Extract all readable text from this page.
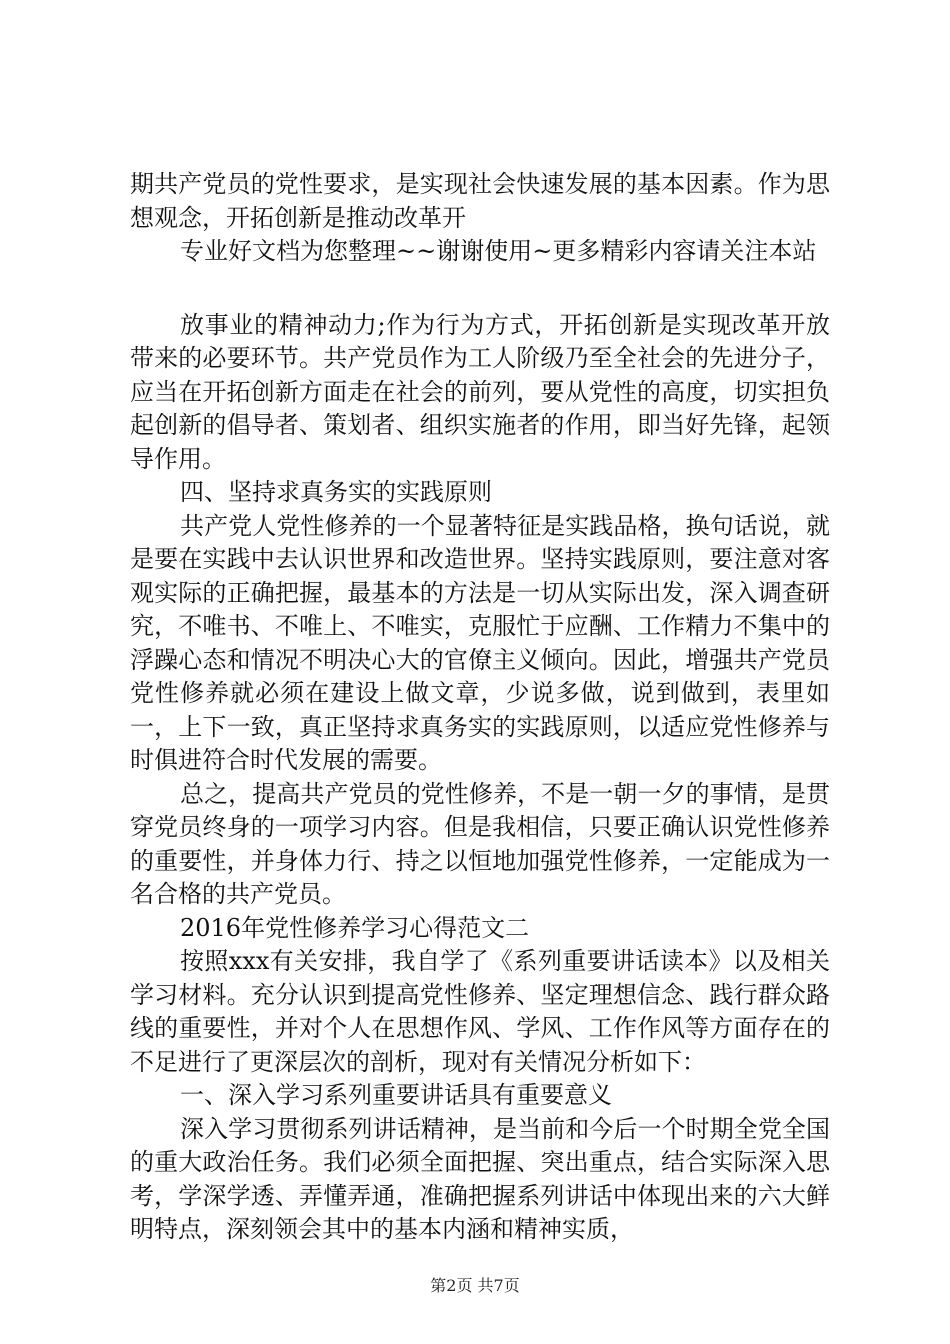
期共产党员的党性要求，是实现社会快速发展的基本因素。作为思想观念，开拓创新是推动改革开

专业好文档为您整理~~谢谢使用~更多精彩内容请关注本站

放事业的精神动力;作为行为方式，开拓创新是实现改革开放带来的必要环节。共产党员作为工人阶级乃至全社会的先进分子，应当在开拓创新方面走在社会的前列，要从党性的高度，切实担负起创新的倡导者、策划者、组织实施者的作用，即当好先锋，起领导作用。

四、坚持求真务实的实践原则

共产党人党性修养的一个显著特征是实践品格，换句话说，就是要在实践中去认识世界和改造世界。坚持实践原则，要注意对客观实际的正确把握，最基本的方法是一切从实际出发，深入调查研究，不唯书、不唯上、不唯实，克服忙于应酬、工作精力不集中的浮躁心态和情况不明决心大的官僚主义倾向。因此，增强共产党员党性修养就必须在建设上做文章，少说多做，说到做到，表里如一，上下一致，真正坚持求真务实的实践原则，以适应党性修养与时俱进符合时代发展的需要。

总之，提高共产党员的党性修养，不是一朝一夕的事情，是贯穿党员终身的一项学习内容。但是我相信，只要正确认识党性修养的重要性，并身体力行、持之以恒地加强党性修养，一定能成为一名合格的共产党员。

2016年党性修养学习心得范文二

按照xxx有关安排，我自学了《系列重要讲话读本》以及相关学习材料。充分认识到提高党性修养、坚定理想信念、践行群众路线的重要性，并对个人在思想作风、学风、工作作风等方面存在的不足进行了更深层次的剖析，现对有关情况分析如下：

一、深入学习系列重要讲话具有重要意义

深入学习贯彻系列讲话精神，是当前和今后一个时期全党全国的重大政治任务。我们必须全面把握、突出重点，结合实际深入思考，学深学透、弄懂弄通，准确把握系列讲话中体现出来的六大鲜明特点，深刻领会其中的基本内涵和精神实质，

第2页 共7页
